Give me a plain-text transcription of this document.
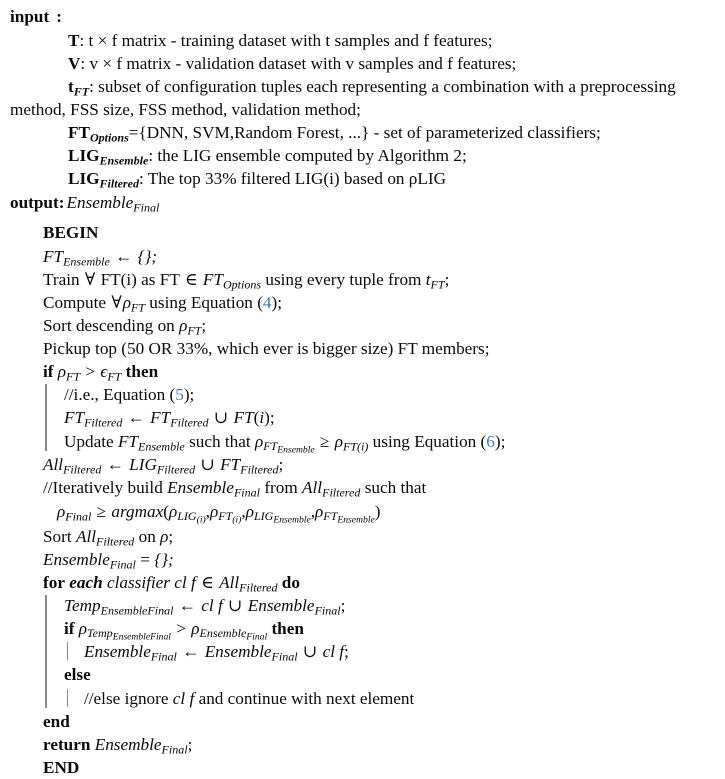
input :
T: t × f matrix - training dataset with t samples and f features;
V: v × f matrix - validation dataset with v samples and f features;
$t_{FT}$: subset of configuration tuples each representing a combination with a preprocessing method, FSS size, FSS method, validation method;
$FT_{Options}=\{DNN$, SVM,Random Forest, ...} - set of parameterized classifiers;
$LIG_{Ensemble}$: the LIG ensemble computed by Algorithm 2;
$LIG_{Filtered}$: The top 33% filtered LIG(i) based on ρLIG
output: Ensemble$_{Final}$
BEGIN
$FT_{Ensemble}$ ← {};
Train ∀ FT(i) as FT ∈ $FT_{Options}$ using every tuple from $t_{FT}$;
Compute $\forall\rho_{FT}$ using Equation (4);
Sort descending on $\rho_{FT}$;
Pickup top (50 OR 33%, which ever is bigger size) FT members;
if $\rho_{FT} > \epsilon_{FT}$ then
//i.e., Equation (5);
$FT_{Filtered}$ ← $FT_{Filtered}$ ∪ FT(i);
Update $FT_{Ensemble}$ such that $\rho_{FT_{Ensemble}} \ge \rho_{FT(i)}$ using Equation (6);
All$_{Filtered}$ ← $LIG_{Filtered}$ ∪ $FT_{Filtered}$;
//Iteratively build Ensemble$_{Final}$ from All$_{Filtered}$ such that
$\rho_{Final} \ge argmax(\rho_{LIG_{(i)}},\rho_{FT_{(i)}},\rho_{LIG_{Ensemble}},\rho_{FT_{Ensemble}})$
Sort All$_{Filtered}$ on ρ;
Ensemble$_{Final}$ = {};
for each classifier cl f ∈ All$_{Filtered}$ do
Temp$_{EnsembleFinal}$ ← cl f ∪ Ensemble$_{Final}$;
if $\rho_{Temp_{EnsembleFinal}} > \rho_{Ensemble_{Final}}$ then
Ensemble$_{Final}$ ← Ensemble$_{Final}$ ∪ cl f;
else
//else ignore cl f and continue with next element
end
return Ensemble$_{Final}$;
END
